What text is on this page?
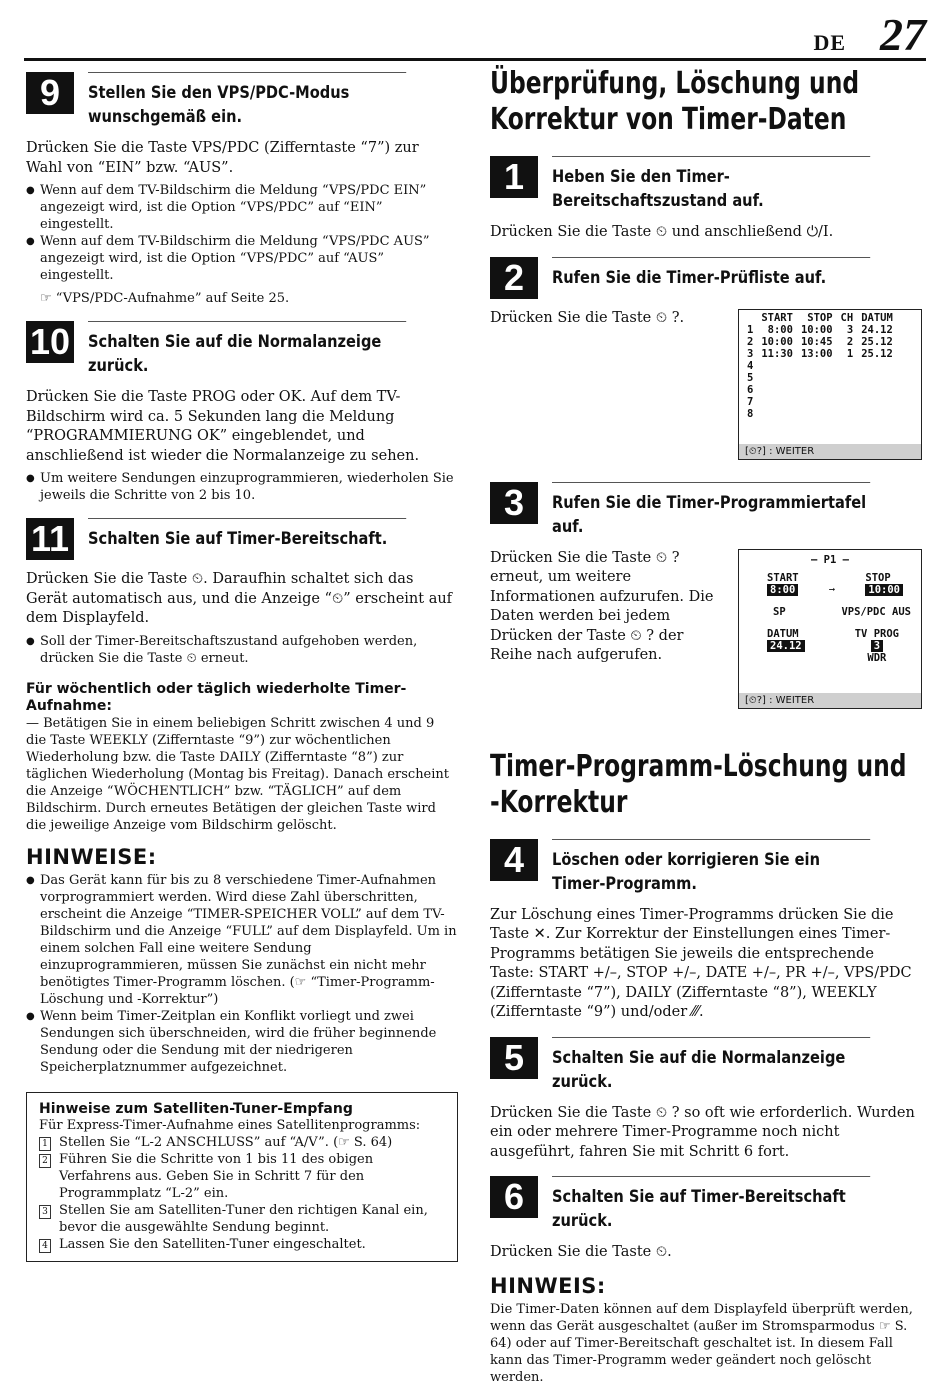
DE 27
9	Stellen Sie den VPS/PDC-Modus wunschgemäß ein.

Drücken Sie die Taste VPS/PDC (Zifferntaste “7”) zur Wahl von “EIN” bzw. “AUS”.

● Wenn auf dem TV-Bildschirm die Meldung “VPS/PDC EIN” angezeigt wird, ist die Option “VPS/PDC” auf “EIN” eingestellt.
● Wenn auf dem TV-Bildschirm die Meldung “VPS/PDC AUS” angezeigt wird, ist die Option “VPS/PDC” auf “AUS” eingestellt.
☞ “VPS/PDC-Aufnahme” auf Seite 25.
10 Schalten Sie auf die Normalanzeige zurück.

Drücken Sie die Taste PROG oder OK. Auf dem TV-Bildschirm wird ca. 5 Sekunden lang die Meldung “PROGRAMMIERUNG OK” eingeblendet, und anschließend ist wieder die Normalanzeige zu sehen.

● Um weitere Sendungen einzuprogrammieren, wiederholen Sie jeweils die Schritte von 2 bis 10.
11 Schalten Sie auf Timer-Bereitschaft.

Drücken Sie die Taste ⏲. Daraufhin schaltet sich das Gerät automatisch aus, und die Anzeige “⏲” erscheint auf dem Displayfeld.

● Soll der Timer-Bereitschaftszustand aufgehoben werden, drücken Sie die Taste ⏲ erneut.
Für wöchentlich oder täglich wiederholte Timer-Aufnahme:
— Betätigen Sie in einem beliebigen Schritt zwischen 4 und 9 die Taste WEEKLY (Zifferntaste “9”) zur wöchentlichen Wiederholung bzw. die Taste DAILY (Zifferntaste “8”) zur täglichen Wiederholung (Montag bis Freitag). Danach erscheint die Anzeige “WÖCHENTLICH” bzw. “TÄGLICH” auf dem Bildschirm. Durch erneutes Betätigen der gleichen Taste wird die jeweilige Anzeige vom Bildschirm gelöscht.
HINWEISE:
● Das Gerät kann für bis zu 8 verschiedene Timer-Aufnahmen vorprogrammiert werden. Wird diese Zahl überschritten, erscheint die Anzeige “TIMER-SPEICHER VOLL” auf dem TV-Bildschirm und die Anzeige “FULL” auf dem Displayfeld. Um in einem solchen Fall eine weitere Sendung einzuprogrammieren, müssen Sie zunächst ein nicht mehr benötigtes Timer-Programm löschen. (☞ “Timer-Programm-Löschung und -Korrektur”)
● Wenn beim Timer-Zeitplan ein Konflikt vorliegt und zwei Sendungen sich überschneiden, wird die früher beginnende Sendung oder die Sendung mit der niedrigeren Speicherplatznummer aufgezeichnet.
Hinweise zum Satelliten-Tuner-Empfang
Für Express-Timer-Aufnahme eines Satellitenprogramms:
1 Stellen Sie “L-2 ANSCHLUSS” auf “A/V”. (☞ S. 64)
2 Führen Sie die Schritte von 1 bis 11 des obigen Verfahrens aus. Geben Sie in Schritt 7 für den Programmplatz “L-2” ein.
3 Stellen Sie am Satelliten-Tuner den richtigen Kanal ein, bevor die ausgewählte Sendung beginnt.
4 Lassen Sie den Satelliten-Tuner eingeschaltet.
Überprüfung, Löschung und Korrektur von Timer-Daten
1	Heben Sie den Timer-Bereitschaftszustand auf.

Drücken Sie die Taste ⏲ und anschließend ⏻/I.

2	Rufen Sie die Timer-Prüfliste auf.

Drücken Sie die Taste ⏲ ?.

		START	STOP	CH	DATUM
1	8:00	10:00	3	24.12
2	10:00	10:45	2	25.12
3	11:30	13:00	1	25.12
4				
5				
6				
7				
8				
[⏲?] : WEITER
3	Rufen Sie die Timer-Programmiertafel auf.

Drücken Sie die Taste ⏲ ? erneut, um weitere Informationen aufzurufen. Die Daten werden bei jedem Drücken der Taste ⏲ ? der Reihe nach aufgerufen.

– P1 –
START
8:00	➞
STOP
10:00
SP	VPS/PDC AUS
DATUM
24.12
TV PROG
3
WDR
[⏲?] : WEITER
Timer-Programm-Löschung und -Korrektur
4	Löschen oder korrigieren Sie ein Timer-Programm.

Zur Löschung eines Timer-Programms drücken Sie die Taste ✕. Zur Korrektur der Einstellungen eines Timer-Programms betätigen Sie jeweils die entsprechende Taste: START +/–, STOP +/–, DATE +/–, PR +/–, VPS/PDC (Zifferntaste “7”), DAILY (Zifferntaste “8”), WEEKLY (Zifferntaste “9”) und/oder ⁄⁄⁄.

5	Schalten Sie auf die Normalanzeige zurück.

Drücken Sie die Taste ⏲ ? so oft wie erforderlich. Wurden ein oder mehrere Timer-Programme noch nicht ausgeführt, fahren Sie mit Schritt 6 fort.

6	Schalten Sie auf Timer-Bereitschaft zurück.

Drücken Sie die Taste ⏲.

HINWEIS:
Die Timer-Daten können auf dem Displayfeld überprüft werden, wenn das Gerät ausgeschaltet (außer im Stromsparmodus ☞ S. 64) oder auf Timer-Bereitschaft geschaltet ist. In diesem Fall kann das Timer-Programm weder geändert noch gelöscht werden.
